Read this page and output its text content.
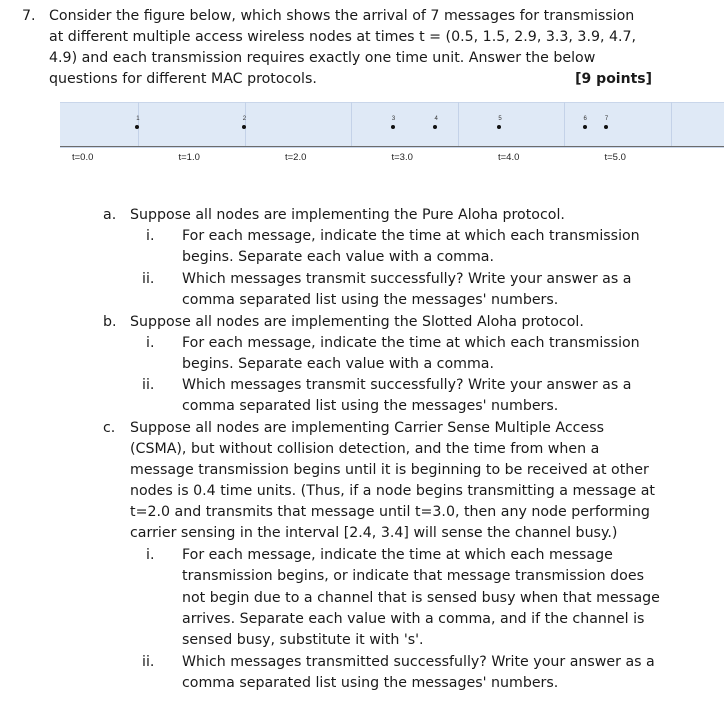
7. Consider the figure below, which shows the arrival of 7 messages for transmission
at different multiple access wireless nodes at times t = (0.5, 1.5, 2.9, 3.3, 3.9, 4.7,
4.9) and each transmission requires exactly one time unit. Answer the below
questions for different MAC protocols.	[9 points]
t=0.0	t=1.0	t=2.0	t=3.0	t=4.0	t=5.0
1	2	3	4	5	6	7
a. Suppose all nodes are implementing the Pure Aloha protocol.
i. For each message, indicate the time at which each transmission
begins. Separate each value with a comma.
ii. Which messages transmit successfully? Write your answer as a
comma separated list using the messages' numbers.
b. Suppose all nodes are implementing the Slotted Aloha protocol.
i. For each message, indicate the time at which each transmission
begins. Separate each value with a comma.
ii. Which messages transmit successfully? Write your answer as a
comma separated list using the messages' numbers.
c. Suppose all nodes are implementing Carrier Sense Multiple Access
(CSMA), but without collision detection, and the time from when a
message transmission begins until it is beginning to be received at other
nodes is 0.4 time units. (Thus, if a node begins transmitting a message at
t=2.0 and transmits that message until t=3.0, then any node performing
carrier sensing in the interval [2.4, 3.4] will sense the channel busy.)
i. For each message, indicate the time at which each message
transmission begins, or indicate that message transmission does
not begin due to a channel that is sensed busy when that message
arrives. Separate each value with a comma, and if the channel is
sensed busy, substitute it with 's'.
ii. Which messages transmitted successfully? Write your answer as a
comma separated list using the messages' numbers.
